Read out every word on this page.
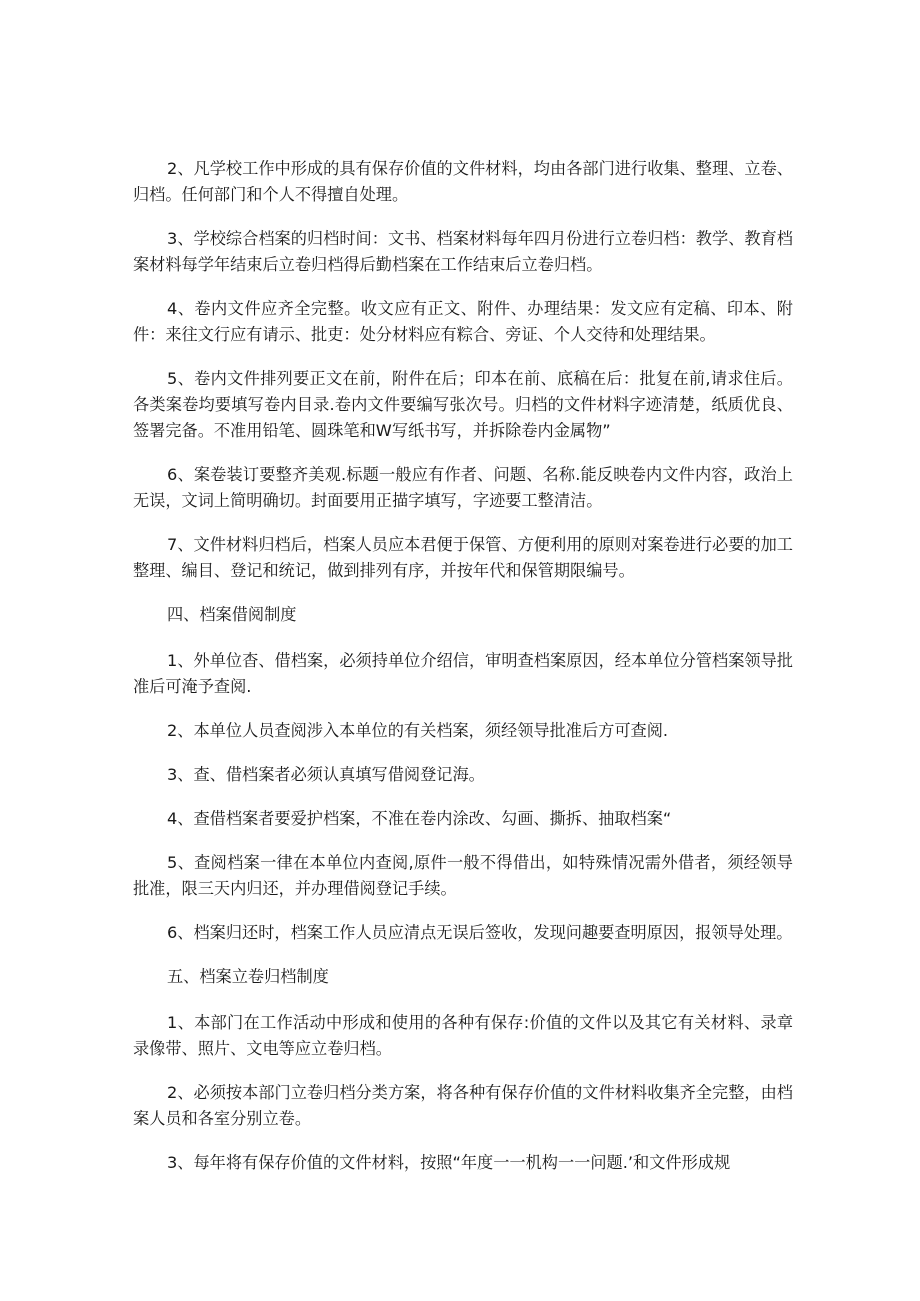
2、凡学校工作中形成的具有保存价值的文件材料，均由各部门进行收集、整理、立卷、归档。任何部门和个人不得擅自处理。

3、学校综合档案的归档时间：文书、档案材料每年四月份进行立卷归档：教学、教育档案材料每学年结束后立卷归档得后勤档案在工作结束后立卷归档。

4、卷内文件应齐全完整。收文应有正文、附件、办理结果：发文应有定稿、印本、附件：来往文行应有请示、批吏：处分材料应有粽合、旁证、个人交待和处理结果。

5、卷内文件排列要正文在前，附件在后；印本在前、底稿在后：批复在前,请求住后。各类案卷均要填写卷内目录.卷内文件要编写张次号。归档的文件材料字迹清楚，纸质优良、签署完备。不准用铅笔、圆珠笔和W写纸书写，并拆除卷内金属物”

6、案卷装订要整齐美观.标题一般应有作者、问题、名称.能反映卷内文件内容，政治上无误，文词上简明确切。封面要用正描字填写，字迹要工整清洁。

7、文件材料归档后，档案人员应本君便于保管、方便利用的原则对案卷进行必要的加工整理、编目、登记和统记，做到排列有序，并按年代和保管期限编号。

四、档案借阅制度

1、外单位杳、借档案，必须持单位介绍信，审明查档案原因，经本单位分管档案领导批准后可淹予查阅.

2、本单位人员查阅涉入本单位的有关档案，须经领导批准后方可查阅.

3、查、借档案者必须认真填写借阅登记海。

4、查借档案者要爱护档案，不准在卷内涂改、勾画、撕拆、抽取档案“

5、查阅档案一律在本单位内查阅,原件一般不得借出，如特殊情况需外借者，须经领导批准，限三天内归还，并办理借阅登记手续。

6、档案归还时，档案工作人员应清点无误后签收，发现问趣要查明原因，报领导处理。

五、档案立卷归档制度

1、本部门在工作活动中形成和使用的各种有保存:价值的文件以及其它有关材料、录章录像带、照片、文电等应立卷归档。

2、必须按本部门立卷归档分类方案，将各种有保存价值的文件材料收集齐全完整，由档案人员和各室分别立卷。

3、每年将有保存价值的文件材料，按照“年度一一机构一一问题.’和文件形成规
